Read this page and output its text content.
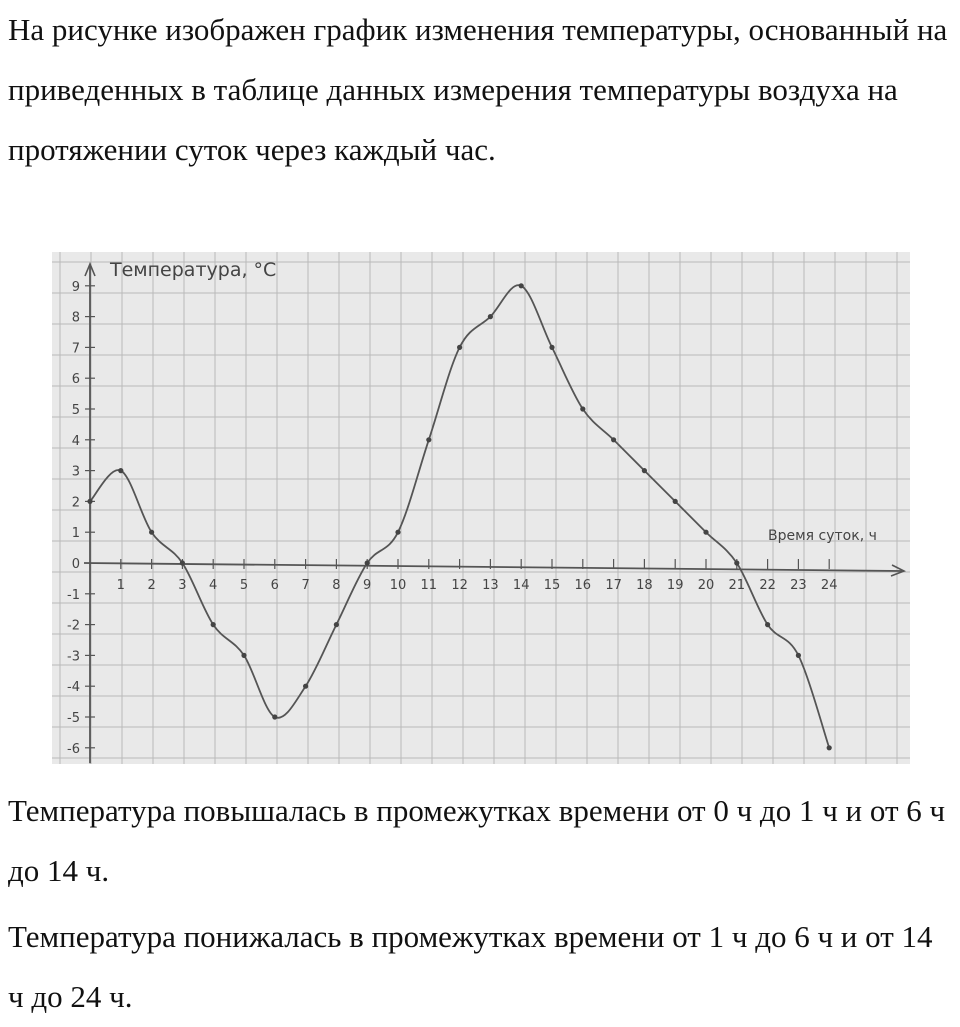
На рисунке изображен график изменения температуры, основанный на приведенных в таблице данных измерения температуры воздуха на протяжении суток через каждый час.

1 2 3 4 5 6 7 8 9 10 11 12 13 14 15 16 17 18 19 20 21 22 23 24
9
8
7
6
5
4
3
2
1
0
-1
-2
-3
-4
-5
-6
Температура, °C
Время суток, ч

Температура повышалась в промежутках времени от 0 ч до 1 ч и от 6 ч до 14 ч.

Температура понижалась в промежутках времени от 1 ч до 6 ч и от 14 ч до 24 ч.
